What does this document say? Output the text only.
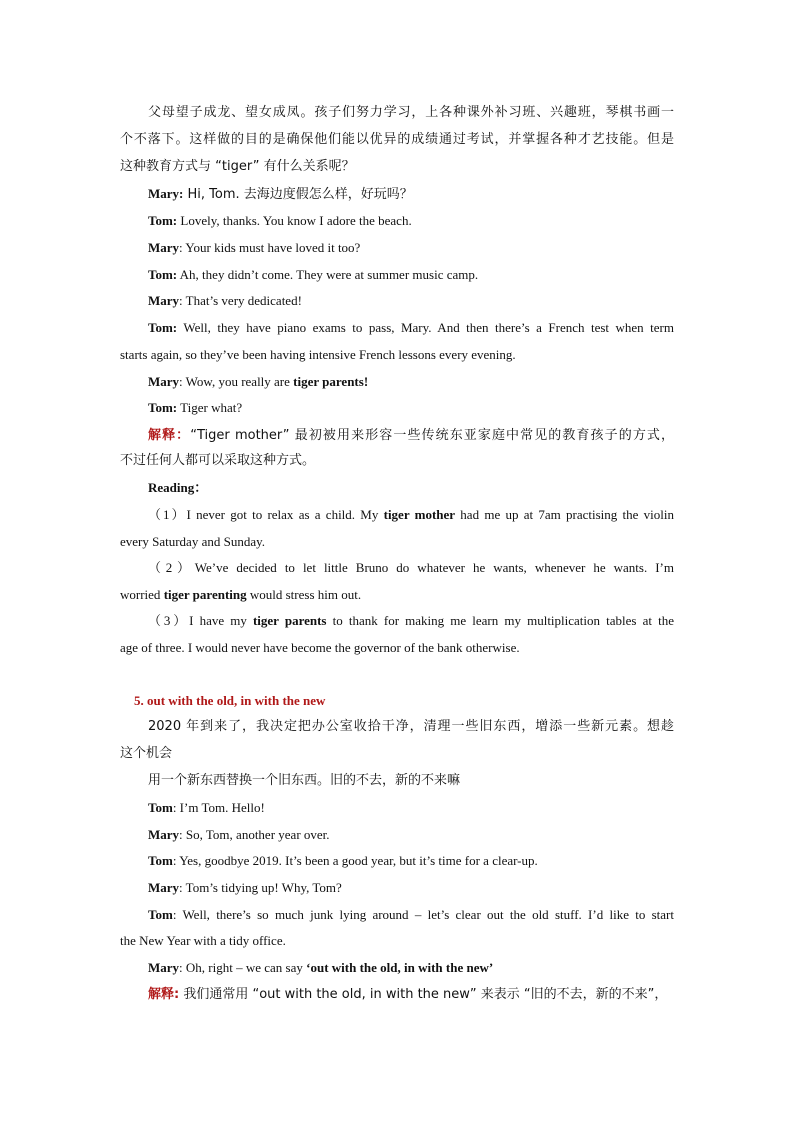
父母望子成龙、望女成凤。孩子们努力学习，上各种课外补习班、兴趣班，琴棋书画一
个不落下。这样做的目的是确保他们能以优异的成绩通过考试，并掌握各种才艺技能。但是
这种教育方式与 “tiger” 有什么关系呢？
Mary: Hi, Tom. 去海边度假怎么样，好玩吗？
Tom: Lovely, thanks. You know I adore the beach.
Mary: Your kids must have loved it too?
Tom: Ah, they didn’t come. They were at summer music camp.
Mary: That’s very dedicated!
Tom: Well, they have piano exams to pass, Mary. And then there’s a French test when term
starts again, so they’ve been having intensive French lessons every evening.
Mary: Wow, you really are tiger parents!
Tom: Tiger what?
解释：“Tiger mother” 最初被用来形容一些传统东亚家庭中常见的教育孩子的方式，
不过任何人都可以采取这种方式。
Reading：
（1）I never got to relax as a child. My tiger mother had me up at 7am practising the violin
every Saturday and Sunday.
（2）We’ve decided to let little Bruno do whatever he wants, whenever he wants. I’m
worried tiger parenting would stress him out.
（3）I have my tiger parents to thank for making me learn my multiplication tables at the
age of three. I would never have become the governor of the bank otherwise.
5. out with the old, in with the new
2020 年到来了，我决定把办公室收拾干净，清理一些旧东西，增添一些新元素。想趁
这个机会
用一个新东西替换一个旧东西。旧的不去，新的不来嘛
Tom: I’m Tom. Hello!
Mary: So, Tom, another year over.
Tom: Yes, goodbye 2019. It’s been a good year, but it’s time for a clear-up.
Mary: Tom’s tidying up! Why, Tom?
Tom: Well, there’s so much junk lying around – let’s clear out the old stuff. I’d like to start
the New Year with a tidy office.
Mary: Oh, right – we can say ‘out with the old, in with the new’
解释: 我们通常用 “out with the old, in with the new” 来表示 “旧的不去，新的不来”，
